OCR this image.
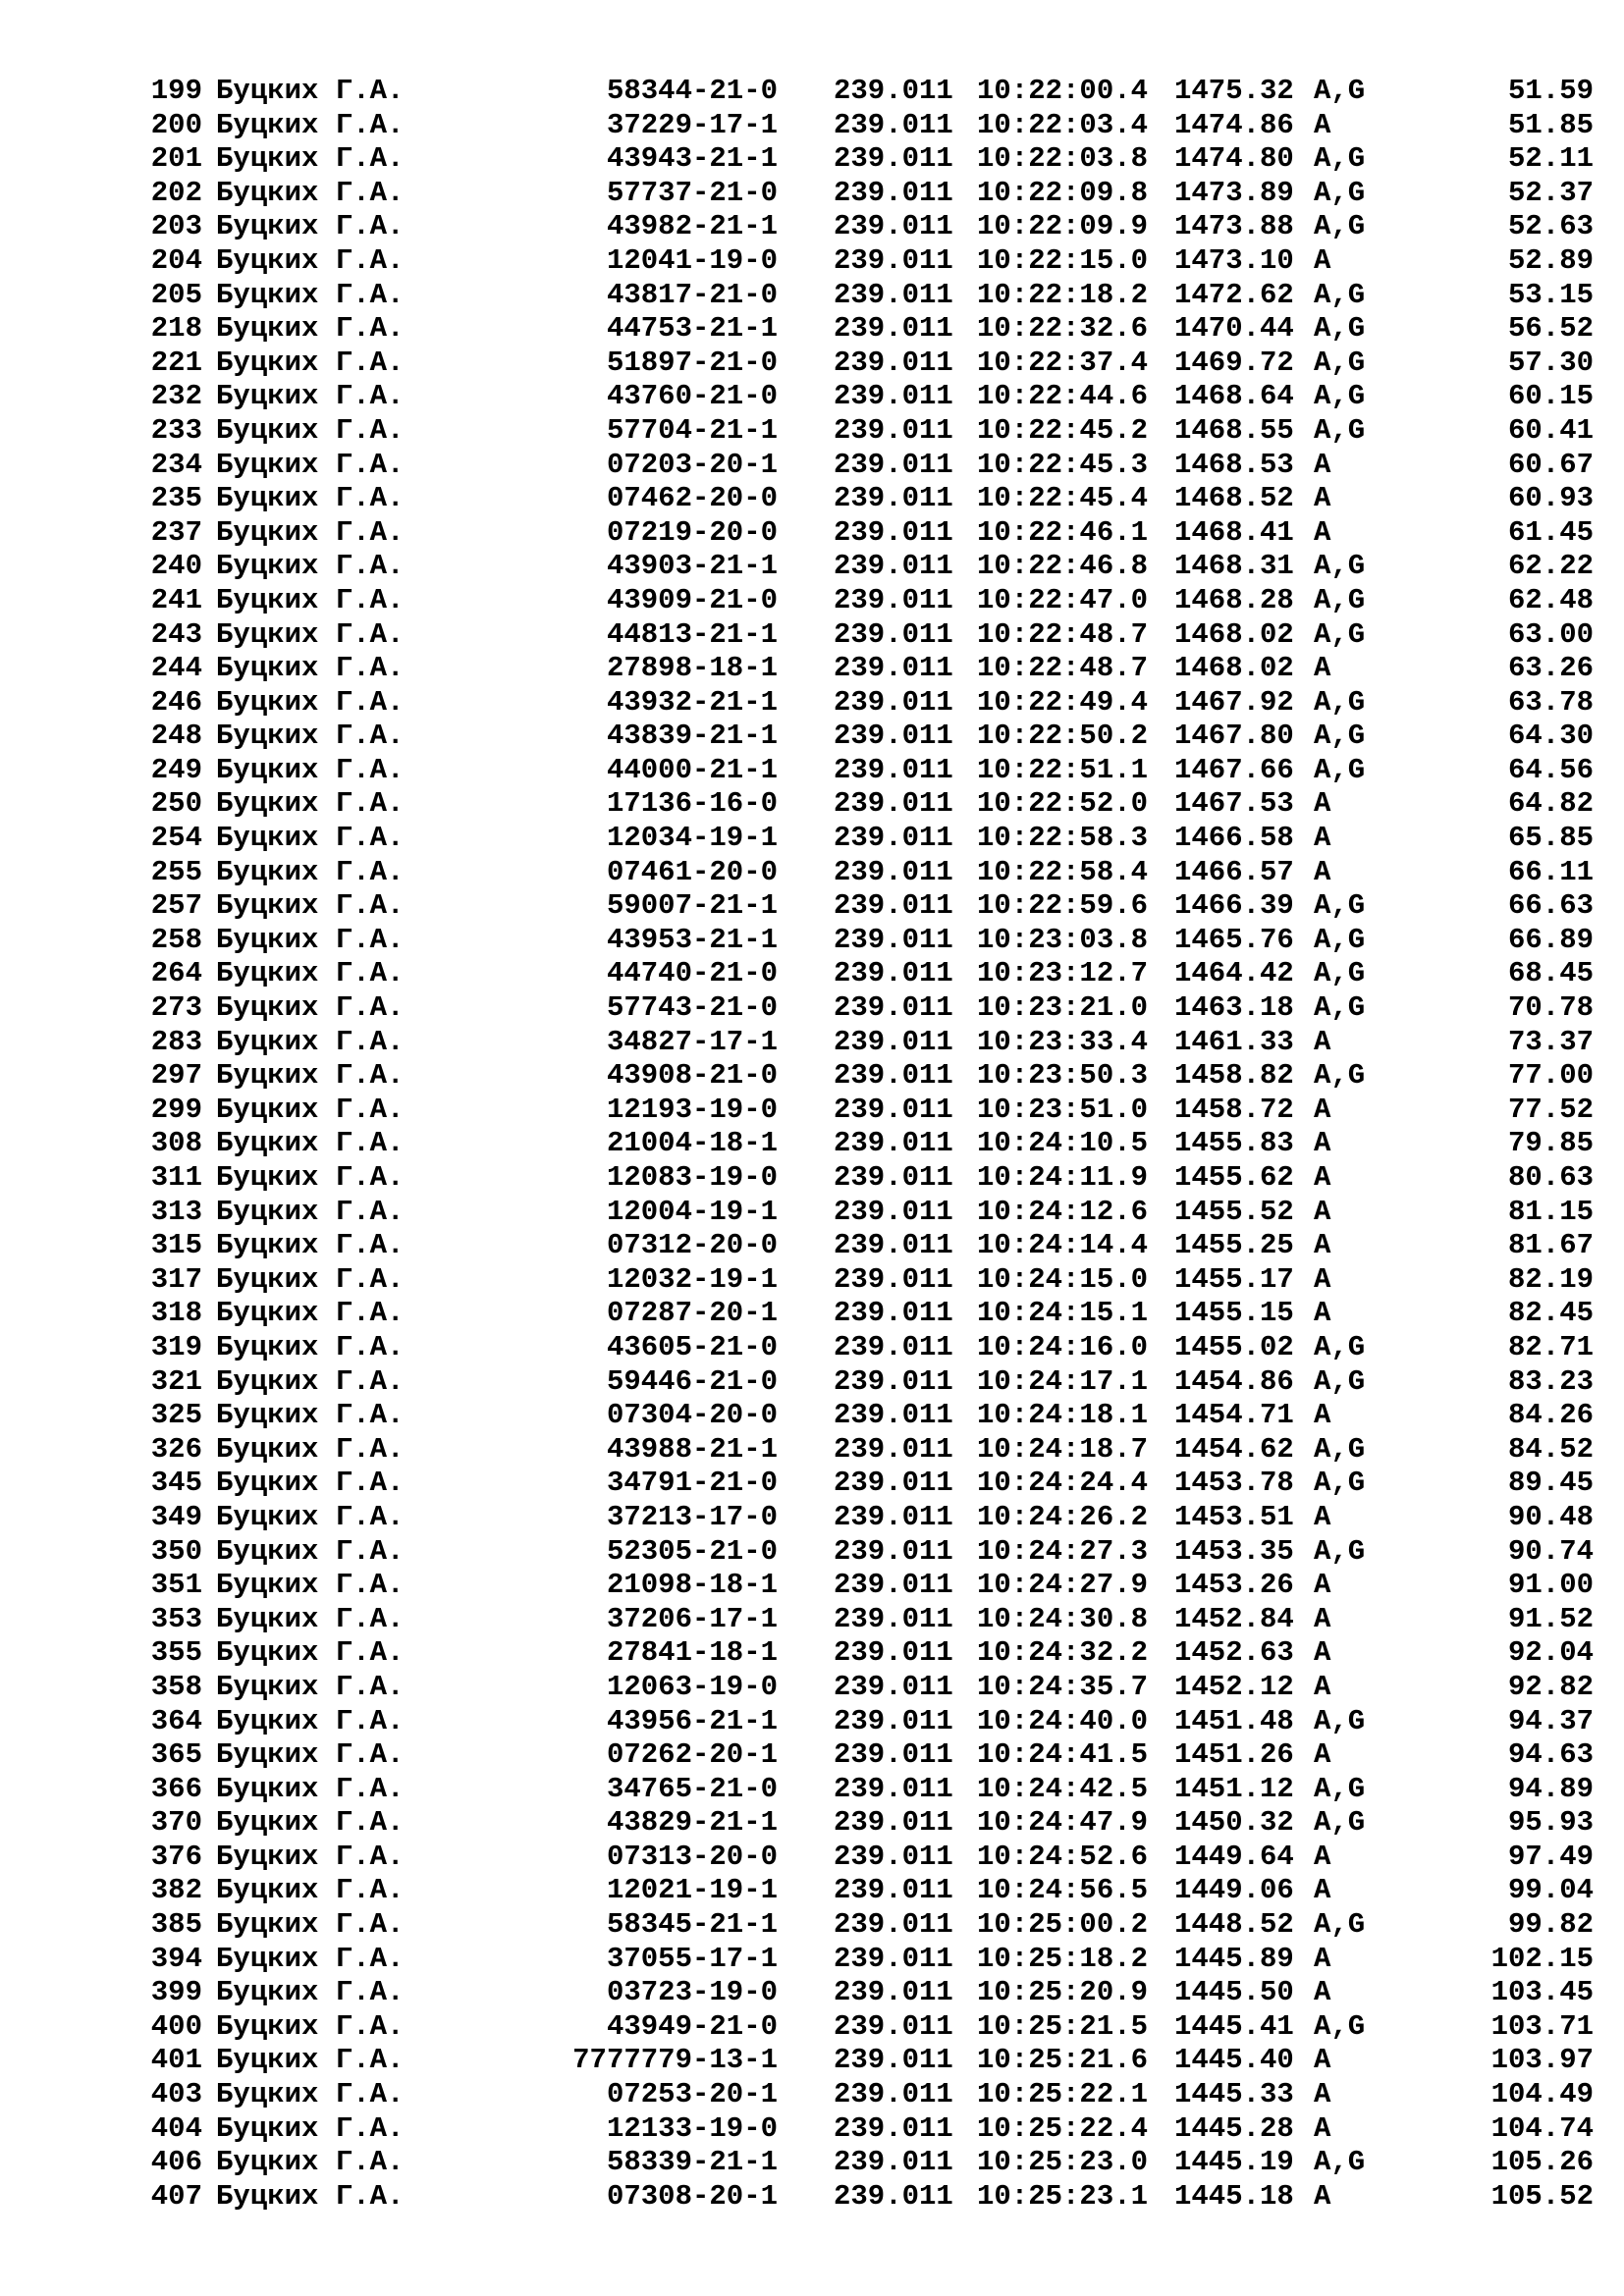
199 Буцких Г.А.	58344-21-0 239.011 10:22:00.4 1475.32 A,G	51.59
200 Буцких Г.А.	37229-17-1 239.011 10:22:03.4 1474.86 A	51.85
201 Буцких Г.А.	43943-21-1 239.011 10:22:03.8 1474.80 A,G	52.11
202 Буцких Г.А.	57737-21-0 239.011 10:22:09.8 1473.89 A,G	52.37
203 Буцких Г.А.	43982-21-1 239.011 10:22:09.9 1473.88 A,G	52.63
204 Буцких Г.А.	12041-19-0 239.011 10:22:15.0 1473.10 A	52.89
205 Буцких Г.А.	43817-21-0 239.011 10:22:18.2 1472.62 A,G	53.15
218 Буцких Г.А.	44753-21-1 239.011 10:22:32.6 1470.44 A,G	56.52
221 Буцких Г.А.	51897-21-0 239.011 10:22:37.4 1469.72 A,G	57.30
232 Буцких Г.А.	43760-21-0 239.011 10:22:44.6 1468.64 A,G	60.15
233 Буцких Г.А.	57704-21-1 239.011 10:22:45.2 1468.55 A,G	60.41
234 Буцких Г.А.	07203-20-1 239.011 10:22:45.3 1468.53 A	60.67
235 Буцких Г.А.	07462-20-0 239.011 10:22:45.4 1468.52 A	60.93
237 Буцких Г.А.	07219-20-0 239.011 10:22:46.1 1468.41 A	61.45
240 Буцких Г.А.	43903-21-1 239.011 10:22:46.8 1468.31 A,G	62.22
241 Буцких Г.А.	43909-21-0 239.011 10:22:47.0 1468.28 A,G	62.48
243 Буцких Г.А.	44813-21-1 239.011 10:22:48.7 1468.02 A,G	63.00
244 Буцких Г.А.	27898-18-1 239.011 10:22:48.7 1468.02 A	63.26
246 Буцких Г.А.	43932-21-1 239.011 10:22:49.4 1467.92 A,G	63.78
248 Буцких Г.А.	43839-21-1 239.011 10:22:50.2 1467.80 A,G	64.30
249 Буцких Г.А.	44000-21-1 239.011 10:22:51.1 1467.66 A,G	64.56
250 Буцких Г.А.	17136-16-0 239.011 10:22:52.0 1467.53 A	64.82
254 Буцких Г.А.	12034-19-1 239.011 10:22:58.3 1466.58 A	65.85
255 Буцких Г.А.	07461-20-0 239.011 10:22:58.4 1466.57 A	66.11
257 Буцких Г.А.	59007-21-1 239.011 10:22:59.6 1466.39 A,G	66.63
258 Буцких Г.А.	43953-21-1 239.011 10:23:03.8 1465.76 A,G	66.89
264 Буцких Г.А.	44740-21-0 239.011 10:23:12.7 1464.42 A,G	68.45
273 Буцких Г.А.	57743-21-0 239.011 10:23:21.0 1463.18 A,G	70.78
283 Буцких Г.А.	34827-17-1 239.011 10:23:33.4 1461.33 A	73.37
297 Буцких Г.А.	43908-21-0 239.011 10:23:50.3 1458.82 A,G	77.00
299 Буцких Г.А.	12193-19-0 239.011 10:23:51.0 1458.72 A	77.52
308 Буцких Г.А.	21004-18-1 239.011 10:24:10.5 1455.83 A	79.85
311 Буцких Г.А.	12083-19-0 239.011 10:24:11.9 1455.62 A	80.63
313 Буцких Г.А.	12004-19-1 239.011 10:24:12.6 1455.52 A	81.15
315 Буцких Г.А.	07312-20-0 239.011 10:24:14.4 1455.25 A	81.67
317 Буцких Г.А.	12032-19-1 239.011 10:24:15.0 1455.17 A	82.19
318 Буцких Г.А.	07287-20-1 239.011 10:24:15.1 1455.15 A	82.45
319 Буцких Г.А.	43605-21-0 239.011 10:24:16.0 1455.02 A,G	82.71
321 Буцких Г.А.	59446-21-0 239.011 10:24:17.1 1454.86 A,G	83.23
325 Буцких Г.А.	07304-20-0 239.011 10:24:18.1 1454.71 A	84.26
326 Буцких Г.А.	43988-21-1 239.011 10:24:18.7 1454.62 A,G	84.52
345 Буцких Г.А.	34791-21-0 239.011 10:24:24.4 1453.78 A,G	89.45
349 Буцких Г.А.	37213-17-0 239.011 10:24:26.2 1453.51 A	90.48
350 Буцких Г.А.	52305-21-0 239.011 10:24:27.3 1453.35 A,G	90.74
351 Буцких Г.А.	21098-18-1 239.011 10:24:27.9 1453.26 A	91.00
353 Буцких Г.А.	37206-17-1 239.011 10:24:30.8 1452.84 A	91.52
355 Буцких Г.А.	27841-18-1 239.011 10:24:32.2 1452.63 A	92.04
358 Буцких Г.А.	12063-19-0 239.011 10:24:35.7 1452.12 A	92.82
364 Буцких Г.А.	43956-21-1 239.011 10:24:40.0 1451.48 A,G	94.37
365 Буцких Г.А.	07262-20-1 239.011 10:24:41.5 1451.26 A	94.63
366 Буцких Г.А.	34765-21-0 239.011 10:24:42.5 1451.12 A,G	94.89
370 Буцких Г.А.	43829-21-1 239.011 10:24:47.9 1450.32 A,G	95.93
376 Буцких Г.А.	07313-20-0 239.011 10:24:52.6 1449.64 A	97.49
382 Буцких Г.А.	12021-19-1 239.011 10:24:56.5 1449.06 A	99.04
385 Буцких Г.А.	58345-21-1 239.011 10:25:00.2 1448.52 A,G	99.82
394 Буцких Г.А.	37055-17-1 239.011 10:25:18.2 1445.89 A	102.15
399 Буцких Г.А.	03723-19-0 239.011 10:25:20.9 1445.50 A	103.45
400 Буцких Г.А.	43949-21-0 239.011 10:25:21.5 1445.41 A,G	103.71
401 Буцких Г.А.	7777779-13-1 239.011 10:25:21.6 1445.40 A	103.97
403 Буцких Г.А.	07253-20-1 239.011 10:25:22.1 1445.33 A	104.49
404 Буцких Г.А.	12133-19-0 239.011 10:25:22.4 1445.28 A	104.74
406 Буцких Г.А.	58339-21-1 239.011 10:25:23.0 1445.19 A,G	105.26
407 Буцких Г.А.	07308-20-1 239.011 10:25:23.1 1445.18 A	105.52
